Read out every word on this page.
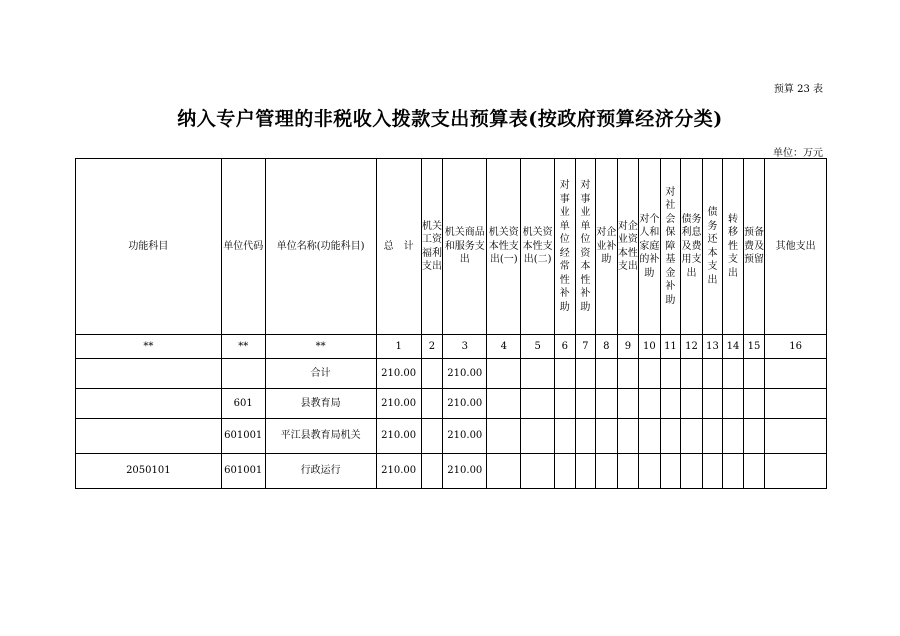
预算 23 表
纳入专户管理的非税收入拨款支出预算表(按政府预算经济分类)
单位：万元
功能科目	单位代码	单位名称(功能科目)	总　计	机关工资福利支出	机关商品和服务支出	机关资本性支出(一)	机关资本性支出(二)	对事业单位经常性补助	对事业单位资本性补助	对企业补助	对企业资本性支出	对个人和家庭的补助	对社会保障基金补助	债务利息及费用支出	债务还本支出	转移性支出	预备费及预留	其他支出
**	**	**	1	2	3	4	5	6	7	8	9	10	11	12	13	14	15	16
		合计	210.00		210.00													
	601	县教育局	210.00		210.00													
	601001	平江县教育局机关	210.00		210.00													
2050101	601001	行政运行	210.00		210.00													
